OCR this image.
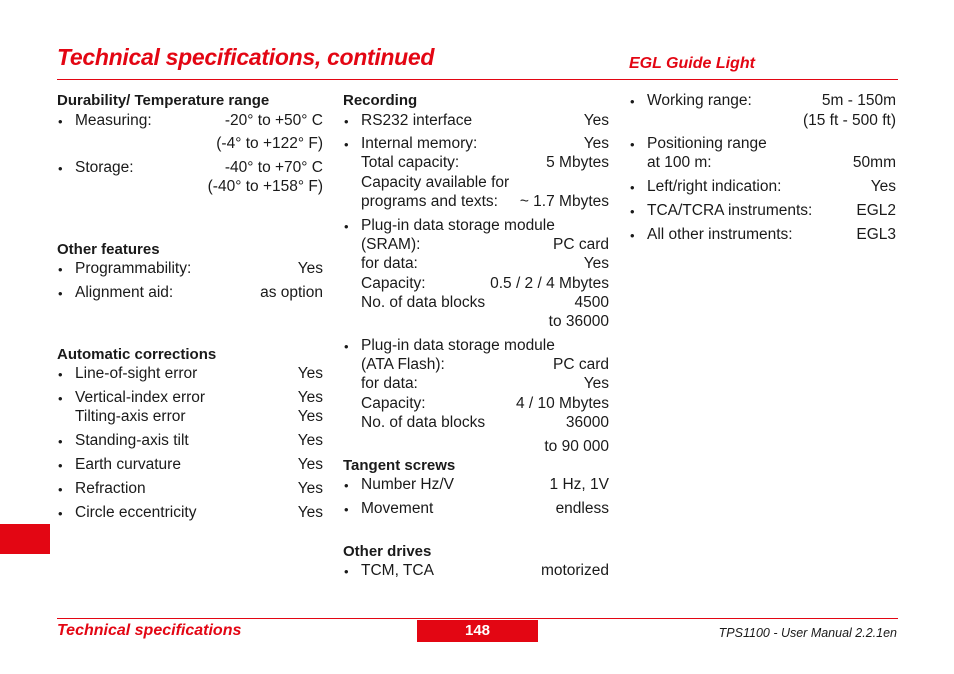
Technical specifications, continued	EGL Guide Light
Durability/ Temperature range
• Measuring:	-20° to +50° C
(-4° to +122° F)
• Storage:	-40° to +70° C
(-40° to +158° F)
Other features
• Programmability:	Yes
• Alignment aid:	as option
Automatic corrections
• Line-of-sight error	Yes
• Vertical-index error	Yes
Tilting-axis error	Yes
• Standing-axis tilt	Yes
• Earth curvature	Yes
• Refraction	Yes
• Circle eccentricity	Yes
Recording
• RS232 interface	Yes
• Internal memory:	Yes
Total capacity:	5 Mbytes
Capacity available for
programs and texts: ~ 1.7 Mbytes
• Plug-in data storage module
(SRAM):	PC card
for data:	Yes
Capacity:	0.5 / 2 / 4 Mbytes
No. of data blocks	4500
to 36000
• Plug-in data storage module
(ATA Flash):	PC card
for data:	Yes
Capacity:	4 / 10 Mbytes
No. of data blocks	36000
to 90 000
Tangent screws
• Number Hz/V	1 Hz, 1V
• Movement	endless
Other drives
• TCM, TCA	motorized
• Working range:	5m - 150m
(15 ft - 500 ft)
• Positioning range
at 100 m:	50mm
• Left/right indication:	Yes
• TCA/TCRA instruments:	EGL2
• All other instruments:	EGL3
Technical specifications	148	TPS1100 - User Manual 2.2.1en
